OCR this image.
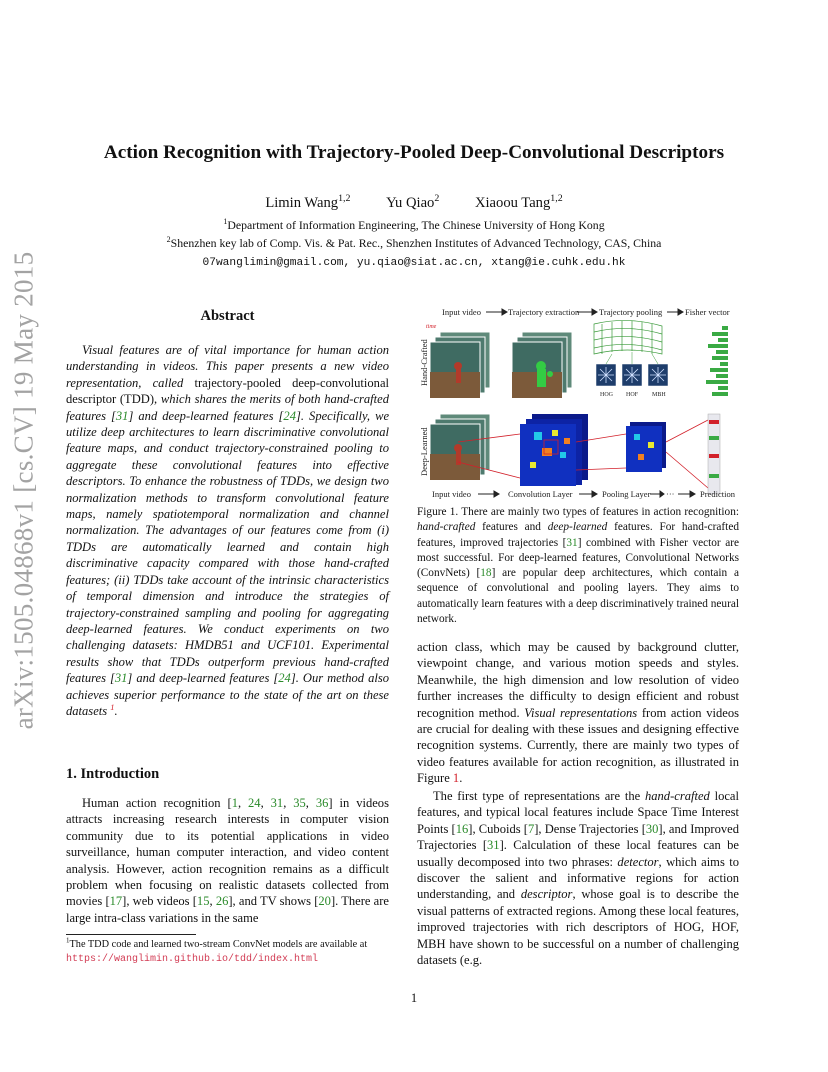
arXiv:1505.04868v1 [cs.CV] 19 May 2015
Action Recognition with Trajectory-Pooled Deep-Convolutional Descriptors
Limin Wang$^{1,2}$ Yu Qiao$^2$ Xiaoou Tang$^{1,2}$
$^1$Department of Information Engineering, The Chinese University of Hong Kong
$^2$Shenzhen key lab of Comp. Vis. & Pat. Rec., Shenzhen Institutes of Advanced Technology, CAS, China
07wanglimin@gmail.com, yu.qiao@siat.ac.cn, xtang@ie.cuhk.edu.hk
Abstract

Visual features are of vital importance for human action understanding in videos. This paper presents a new video representation, called trajectory-pooled deep-convolutional descriptor (TDD), which shares the merits of both hand-crafted features [31] and deep-learned features [24]. Specifically, we utilize deep architectures to learn discriminative convolutional feature maps, and conduct trajectory-constrained pooling to aggregate these convolutional features into effective descriptors. To enhance the robustness of TDDs, we design two normalization methods to transform convolutional feature maps, namely spatiotemporal normalization and channel normalization. The advantages of our features come from (i) TDDs are automatically learned and contain high discriminative capacity compared with those hand-crafted features; (ii) TDDs take account of the intrinsic characteristics of temporal dimension and introduce the strategies of trajectory-constrained sampling and pooling for aggregating deep-learned features. We conduct experiments on two challenging datasets: HMDB51 and UCF101. Experimental results show that TDDs outperform previous hand-crafted features [31] and deep-learned features [24]. Our method also achieves superior performance to the state of the art on these datasets $^1$.

1. Introduction

Human action recognition [1, 24, 31, 35, 36] in videos attracts increasing research interests in computer vision community due to its potential applications in video surveillance, human computer interaction, and video content analysis. However, action recognition remains as a difficult problem when focusing on realistic datasets collected from movies [17], web videos [15, 26], and TV shows [20]. There are large intra-class variations in the same

$^1$The TDD code and learned two-stream ConvNet models are available at https://wanglimin.github.io/tdd/index.html
Input video	Trajectory extraction Trajectory pooling	Fisher vector
Hand-Crafted
Deep-Learned
time
HOG HOF MBH
Input video	Convolution Layer	Pooling Layer ···	Prediction
Figure 1. There are mainly two types of features in action recognition: hand-crafted features and deep-learned features. For hand-crafted features, improved trajectories [31] combined with Fisher vector are most successful. For deep-learned features, Convolutional Networks (ConvNets) [18] are popular deep architectures, which contain a sequence of convolutional and pooling layers. They aims to automatically learn features with a deep discriminatively trained neural network.

action class, which may be caused by background clutter, viewpoint change, and various motion speeds and styles. Meanwhile, the high dimension and low resolution of video further increases the difficulty to design efficient and robust recognition method. Visual representations from action videos are crucial for dealing with these issues and designing effective recognition systems. Currently, there are mainly two types of video features available for action recognition, as illustrated in Figure 1.

The first type of representations are the hand-crafted local features, and typical local features include Space Time Interest Points [16], Cuboids [7], Dense Trajectories [30], and Improved Trajectories [31]. Calculation of these local features can be usually decomposed into two phrases: detector, which aims to discover the salient and informative regions for action understanding, and descriptor, whose goal is to describe the visual patterns of extracted regions. Among these local features, improved trajectories with rich descriptors of HOG, HOF, MBH have shown to be successful on a number of challenging datasets (e.g.

1
